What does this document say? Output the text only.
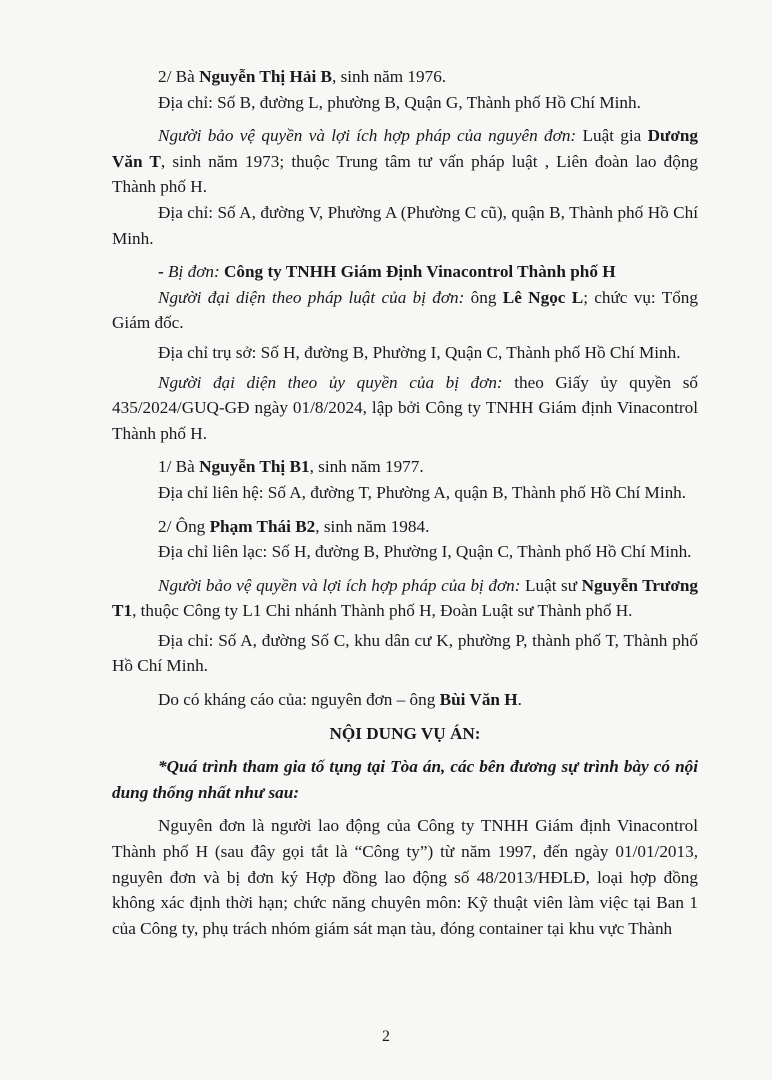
2/ Bà Nguyễn Thị Hải B, sinh năm 1976.

Địa chỉ: Số B, đường L, phường B, Quận G, Thành phố Hồ Chí Minh.

Người bảo vệ quyền và lợi ích hợp pháp của nguyên đơn: Luật gia Dương Văn T, sinh năm 1973; thuộc Trung tâm tư vấn pháp luật , Liên đoàn lao động Thành phố H.

Địa chỉ: Số A, đường V, Phường A (Phường C cũ), quận B, Thành phố Hồ Chí Minh.

- Bị đơn: Công ty TNHH Giám Định Vinacontrol Thành phố H

Người đại diện theo pháp luật của bị đơn: ông Lê Ngọc L; chức vụ: Tổng Giám đốc.

Địa chỉ trụ sở: Số H, đường B, Phường I, Quận C, Thành phố Hồ Chí Minh.

Người đại diện theo ủy quyền của bị đơn: theo Giấy ủy quyền số 435/2024/GUQ-GĐ ngày 01/8/2024, lập bởi Công ty TNHH Giám định Vinacontrol Thành phố H.

1/ Bà Nguyễn Thị B1, sinh năm 1977.

Địa chỉ liên hệ: Số A, đường T, Phường A, quận B, Thành phố Hồ Chí Minh.

2/ Ông Phạm Thái B2, sinh năm 1984.

Địa chỉ liên lạc: Số H, đường B, Phường I, Quận C, Thành phố Hồ Chí Minh.

Người bảo vệ quyền và lợi ích hợp pháp của bị đơn: Luật sư Nguyễn Trương T1, thuộc Công ty L1 Chi nhánh Thành phố H, Đoàn Luật sư Thành phố H.

Địa chỉ: Số A, đường Số C, khu dân cư K, phường P, thành phố T, Thành phố Hồ Chí Minh.

Do có kháng cáo của: nguyên đơn – ông Bùi Văn H.

NỘI DUNG VỤ ÁN:

*Quá trình tham gia tố tụng tại Tòa án, các bên đương sự trình bày có nội dung thống nhất như sau:

Nguyên đơn là người lao động của Công ty TNHH Giám định Vinacontrol Thành phố H (sau đây gọi tắt là “Công ty”) từ năm 1997, đến ngày 01/01/2013, nguyên đơn và bị đơn ký Hợp đồng lao động số 48/2013/HĐLĐ, loại hợp đồng không xác định thời hạn; chức năng chuyên môn: Kỹ thuật viên làm việc tại Ban 1 của Công ty, phụ trách nhóm giám sát mạn tàu, đóng container tại khu vực Thành

2
